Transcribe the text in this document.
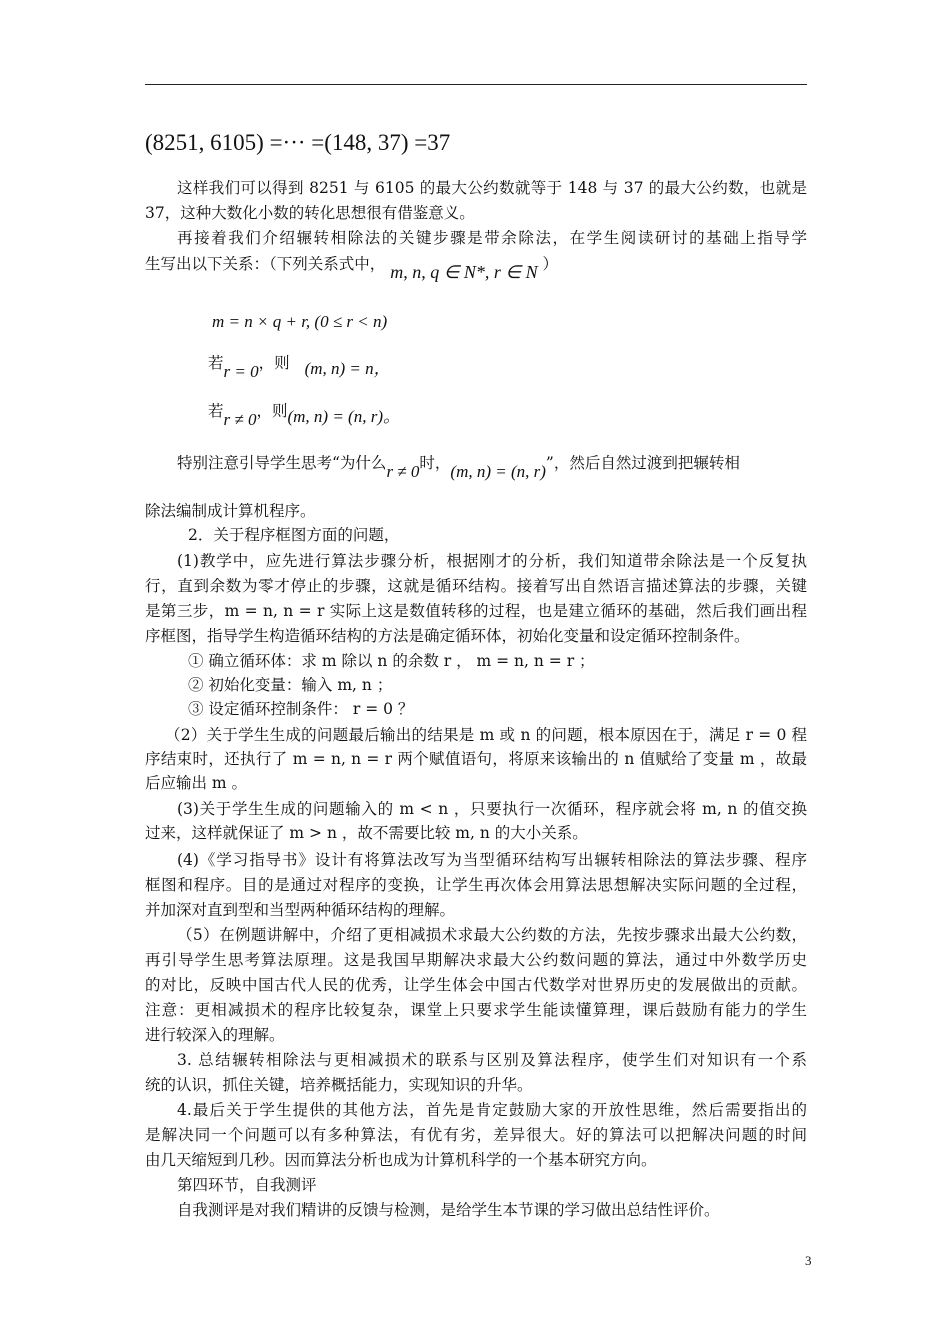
(8251, 6105) =··· =(148, 37) =37
这样我们可以得到 8251 与 6105 的最大公约数就等于 148 与 37 的最大公约数，也就是
37，这种大数化小数的转化思想很有借鉴意义。
再接着我们介绍辗转相除法的关键步骤是带余除法，在学生阅读研讨的基础上指导学
生写出以下关系：（下列关系式中， m, n, q ∈ N*, r ∈ N ）
m = n × q + r, (0 ≤ r < n)
若r = 0，则 (m, n) = n，
若r ≠ 0，则(m, n) = (n, r)。
特别注意引导学生思考“为什么r ≠ 0时，(m, n) = (n, r)”，然后自然过渡到把辗转相
除法编制成计算机程序。
2．关于程序框图方面的问题，
(1)教学中，应先进行算法步骤分析，根据刚才的分析，我们知道带余除法是一个反复执
行，直到余数为零才停止的步骤，这就是循环结构。接着写出自然语言描述算法的步骤，关键
是第三步，m = n, n = r 实际上这是数值转移的过程，也是建立循环的基础，然后我们画出程
序框图，指导学生构造循环结构的方法是确定循环体，初始化变量和设定循环控制条件。
① 确立循环体：求 m 除以 n 的余数 r ， m = n, n = r ；
② 初始化变量：输入 m, n ；
③ 设定循环控制条件： r = 0 ？
（2）关于学生生成的问题最后输出的结果是 m 或 n 的问题，根本原因在于，满足 r = 0 程
序结束时，还执行了 m = n, n = r 两个赋值语句，将原来该输出的 n 值赋给了变量 m ，故最
后应输出 m 。
(3)关于学生生成的问题输入的 m < n ，只要执行一次循环，程序就会将 m, n 的值交换
过来，这样就保证了 m > n ，故不需要比较 m, n 的大小关系。
(4)《学习指导书》设计有将算法改写为当型循环结构写出辗转相除法的算法步骤、程序
框图和程序。目的是通过对程序的变换，让学生再次体会用算法思想解决实际问题的全过程，
并加深对直到型和当型两种循环结构的理解。
（5）在例题讲解中，介绍了更相减损术求最大公约数的方法，先按步骤求出最大公约数，
再引导学生思考算法原理。这是我国早期解决求最大公约数问题的算法，通过中外数学历史
的对比，反映中国古代人民的优秀，让学生体会中国古代数学对世界历史的发展做出的贡献。
注意：更相减损术的程序比较复杂，课堂上只要求学生能读懂算理，课后鼓励有能力的学生
进行较深入的理解。
3. 总结辗转相除法与更相减损术的联系与区别及算法程序，使学生们对知识有一个系
统的认识，抓住关键，培养概括能力，实现知识的升华。
4.最后关于学生提供的其他方法，首先是肯定鼓励大家的开放性思维，然后需要指出的
是解决同一个问题可以有多种算法，有优有劣，差异很大。好的算法可以把解决问题的时间
由几天缩短到几秒。因而算法分析也成为计算机科学的一个基本研究方向。
第四环节，自我测评
自我测评是对我们精讲的反馈与检测，是给学生本节课的学习做出总结性评价。
3
